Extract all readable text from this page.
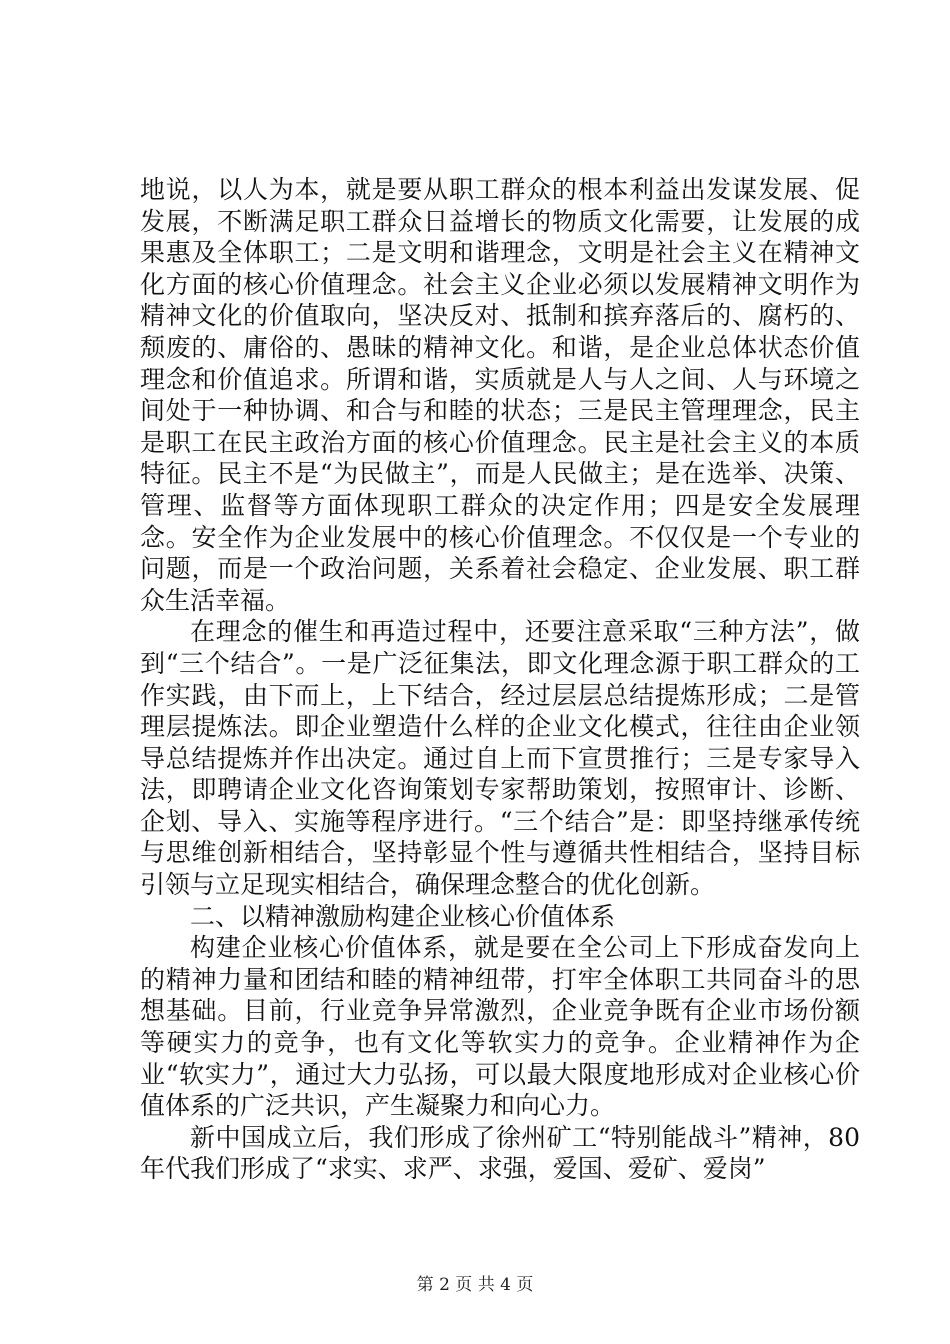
地说，以人为本，就是要从职工群众的根本利益出发谋发展、促发展，不断满足职工群众日益增长的物质文化需要，让发展的成果惠及全体职工；二是文明和谐理念，文明是社会主义在精神文化方面的核心价值理念。社会主义企业必须以发展精神文明作为精神文化的价值取向，坚决反对、抵制和摈弃落后的、腐朽的、颓废的、庸俗的、愚昧的精神文化。和谐，是企业总体状态价值理念和价值追求。所谓和谐，实质就是人与人之间、人与环境之间处于一种协调、和合与和睦的状态；三是民主管理理念，民主是职工在民主政治方面的核心价值理念。民主是社会主义的本质特征。民主不是“为民做主”，而是人民做主；是在选举、决策、管理、监督等方面体现职工群众的决定作用；四是安全发展理念。安全作为企业发展中的核心价值理念。不仅仅是一个专业的问题，而是一个政治问题，关系着社会稳定、企业发展、职工群众生活幸福。

在理念的催生和再造过程中，还要注意采取“三种方法”，做到“三个结合”。一是广泛征集法，即文化理念源于职工群众的工作实践，由下而上，上下结合，经过层层总结提炼形成；二是管理层提炼法。即企业塑造什么样的企业文化模式，往往由企业领导总结提炼并作出决定。通过自上而下宣贯推行；三是专家导入法，即聘请企业文化咨询策划专家帮助策划，按照审计、诊断、企划、导入、实施等程序进行。“三个结合”是：即坚持继承传统与思维创新相结合，坚持彰显个性与遵循共性相结合，坚持目标引领与立足现实相结合，确保理念整合的优化创新。

二、以精神激励构建企业核心价值体系

构建企业核心价值体系，就是要在全公司上下形成奋发向上的精神力量和团结和睦的精神纽带，打牢全体职工共同奋斗的思想基础。目前，行业竞争异常激烈，企业竞争既有企业市场份额等硬实力的竞争，也有文化等软实力的竞争。企业精神作为企业“软实力”，通过大力弘扬，可以最大限度地形成对企业核心价值体系的广泛共识，产生凝聚力和向心力。

新中国成立后，我们形成了徐州矿工“特别能战斗”精神，80 年代我们形成了“求实、求严、求强，爱国、爱矿、爱岗”

第 2 页 共 4 页
